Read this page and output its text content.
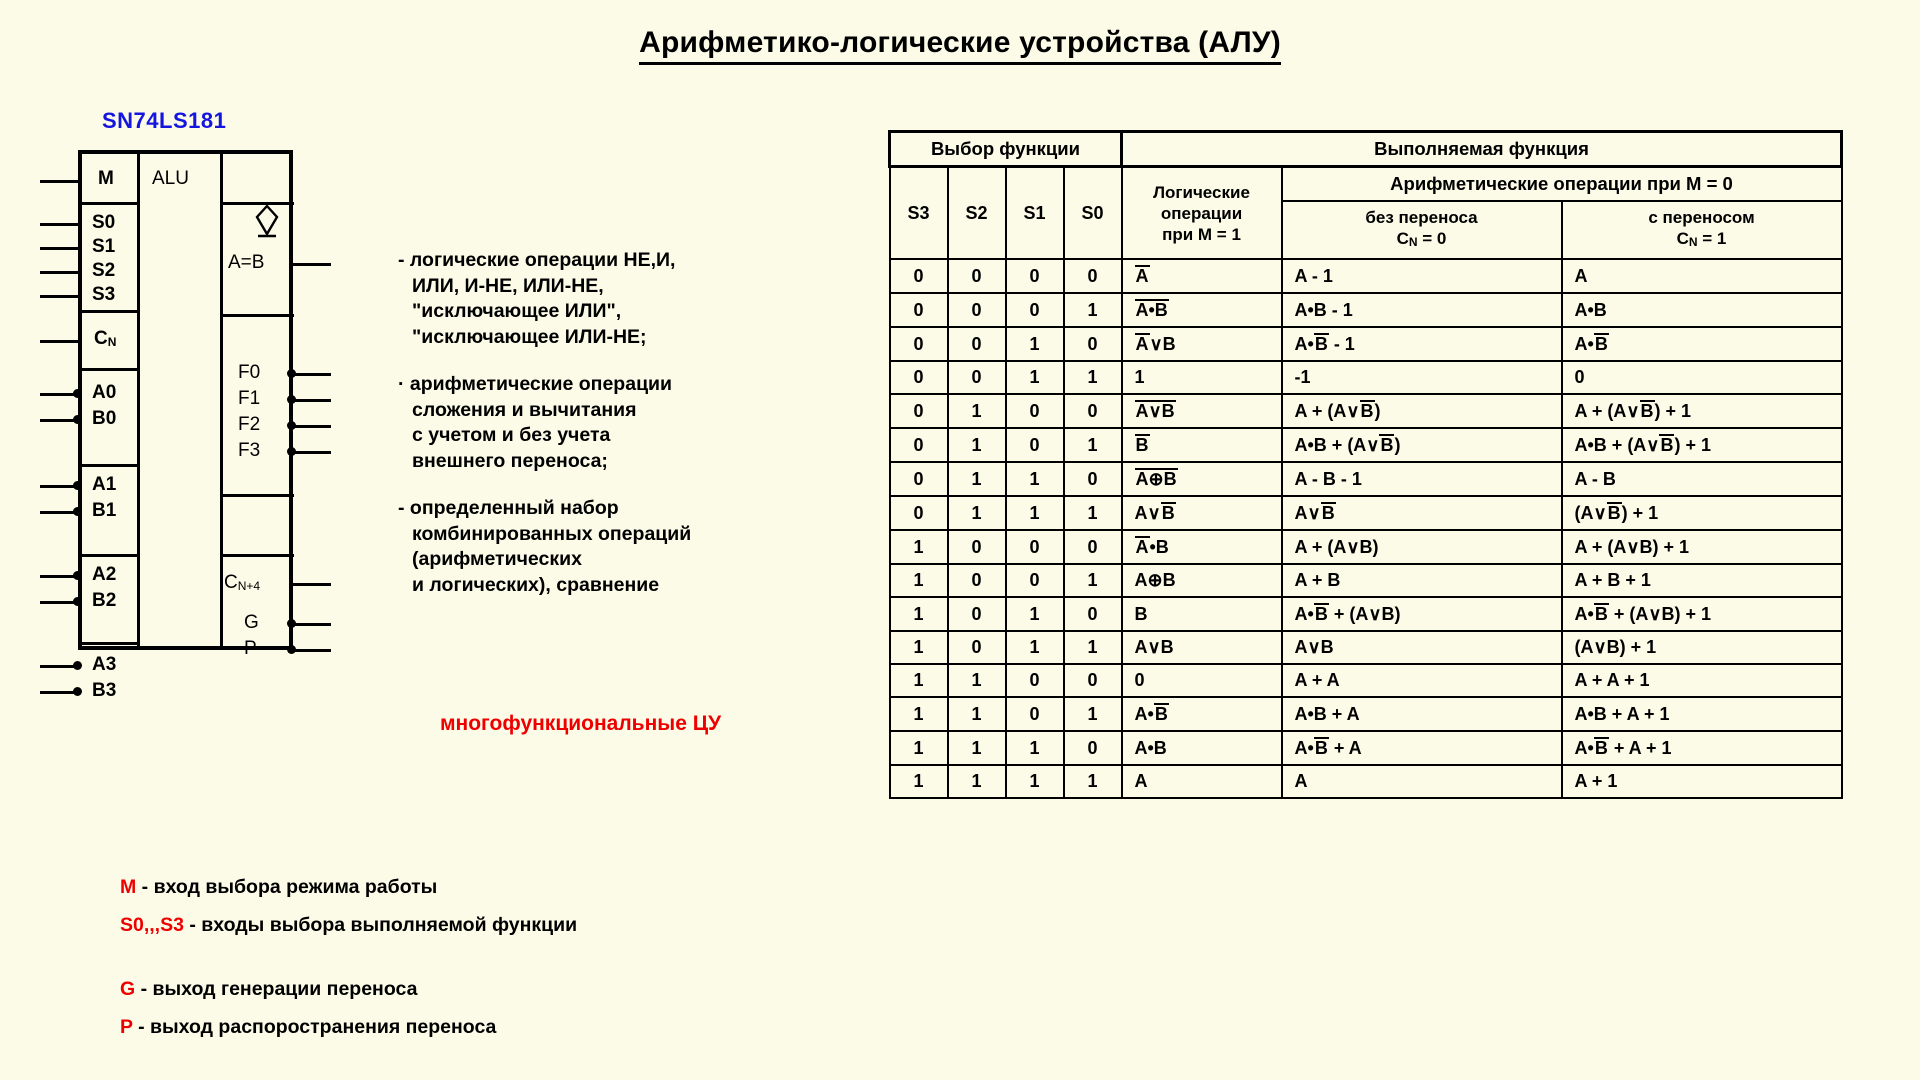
Арифметико-логические устройства (АЛУ)
SN74LS181
M
S0
S1
S2
S3
CN
A0
B0
A1
B1
A2
B2
A3
B3
ALU
A=B
F0
F1
F2
F3
CN+4
G
P
- логические операции НЕ,И,

ИЛИ, И-НЕ, ИЛИ-НЕ,
"исключающее ИЛИ",
"исключающее ИЛИ-НЕ;
· арифметические операции

сложения и вычитания
с учетом и без учета
внешнего переноса;
- определенный набор

комбинированных операций
(арифметических
и логических), сравнение
многофункциональные ЦУ
M - вход выбора режима работы
S0,,,S3 - входы выбора выполняемой функции
G - выход генерации переноса
P - выход распоространения переноса
Выбор функции				Выполняемая функция		
S3	S2	S1	S0	Логические
операции
при M = 1	Арифметические операции при M = 0	
					без переноса
CN = 0	с переносом
CN = 1
0	0	0	0	A	A - 1	A
0	0	0	1	A•B	A•B - 1	A•B
0	0	1	0	A∨B	A•B - 1	A•B
0	0	1	1	1	-1	0
0	1	0	0	A∨B	A + (A∨B)	A + (A∨B) + 1
0	1	0	1	B	A•B + (A∨B)	A•B + (A∨B) + 1
0	1	1	0	A⊕B	A - B - 1	A - B
0	1	1	1	A∨B	A∨B	(A∨B) + 1
1	0	0	0	A•B	A + (A∨B)	A + (A∨B) + 1
1	0	0	1	A⊕B	A + B	A + B + 1
1	0	1	0	B	A•B + (A∨B)	A•B + (A∨B) + 1
1	0	1	1	A∨B	A∨B	(A∨B) + 1
1	1	0	0	0	A + A	A + A + 1
1	1	0	1	A•B	A•B + A	A•B + A + 1
1	1	1	0	A•B	A•B + A	A•B + A + 1
1	1	1	1	A	A	A + 1
